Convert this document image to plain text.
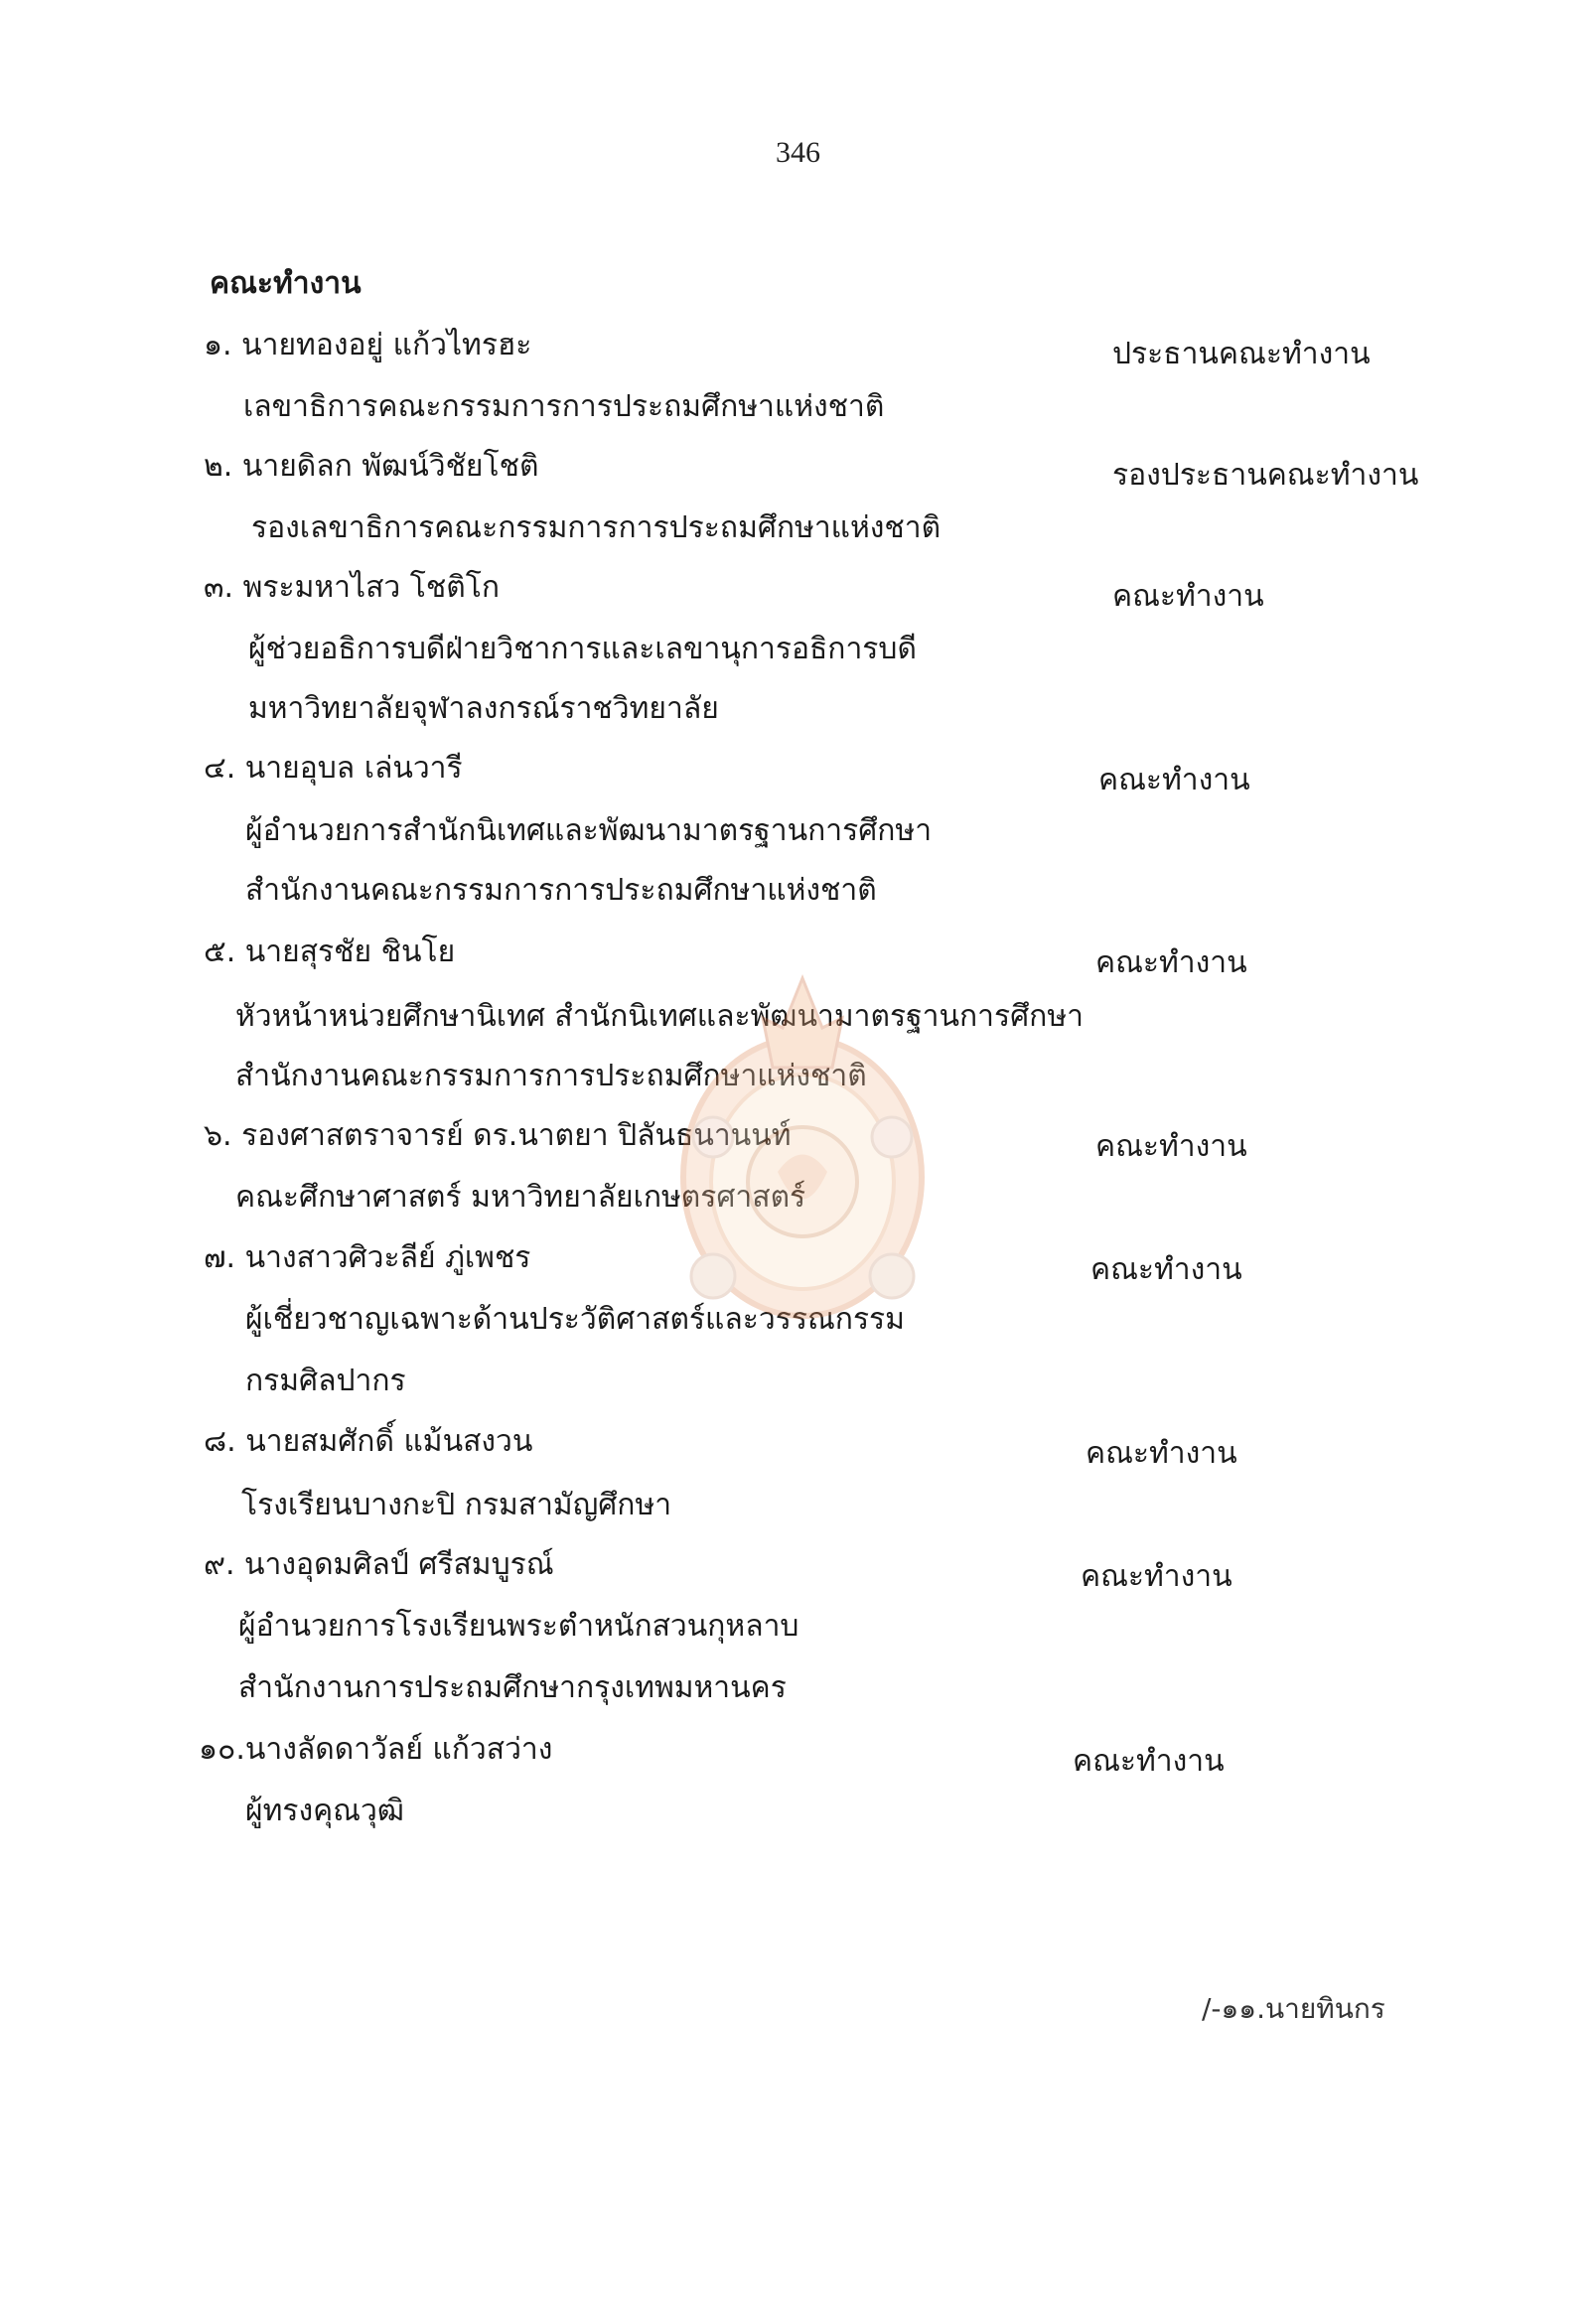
346
คณะทำงาน
๑. นายทองอยู่ แก้วไทรฮะ	ประธานคณะทำงาน
เลขาธิการคณะกรรมการการประถมศึกษาแห่งชาติ
๒. นายดิลก พัฒน์วิชัยโชติ	รองประธานคณะทำงาน
รองเลขาธิการคณะกรรมการการประถมศึกษาแห่งชาติ
๓. พระมหาไสว โชติโก	คณะทำงาน
ผู้ช่วยอธิการบดีฝ่ายวิชาการและเลขานุการอธิการบดี
มหาวิทยาลัยจุฬาลงกรณ์ราชวิทยาลัย
๔. นายอุบล เล่นวารี	คณะทำงาน
ผู้อำนวยการสำนักนิเทศและพัฒนามาตรฐานการศึกษา
สำนักงานคณะกรรมการการประถมศึกษาแห่งชาติ
๕. นายสุรชัย ชินโย	คณะทำงาน
หัวหน้าหน่วยศึกษานิเทศ สำนักนิเทศและพัฒนามาตรฐานการศึกษา
สำนักงานคณะกรรมการการประถมศึกษาแห่งชาติ
๖. รองศาสตราจารย์ ดร.นาตยา ปิลันธนานนท์	คณะทำงาน
คณะศึกษาศาสตร์ มหาวิทยาลัยเกษตรศาสตร์
๗. นางสาวศิวะลีย์ ภู่เพชร	คณะทำงาน
ผู้เชี่ยวชาญเฉพาะด้านประวัติศาสตร์และวรรณกรรม
กรมศิลปากร
๘. นายสมศักดิ์ แม้นสงวน	คณะทำงาน
โรงเรียนบางกะปิ กรมสามัญศึกษา
๙. นางอุดมศิลป์ ศรีสมบูรณ์	คณะทำงาน
ผู้อำนวยการโรงเรียนพระตำหนักสวนกุหลาบ
สำนักงานการประถมศึกษากรุงเทพมหานคร
๑๐.นางลัดดาวัลย์ แก้วสว่าง	คณะทำงาน
ผู้ทรงคุณวุฒิ
/-๑๑.นายทินกร
